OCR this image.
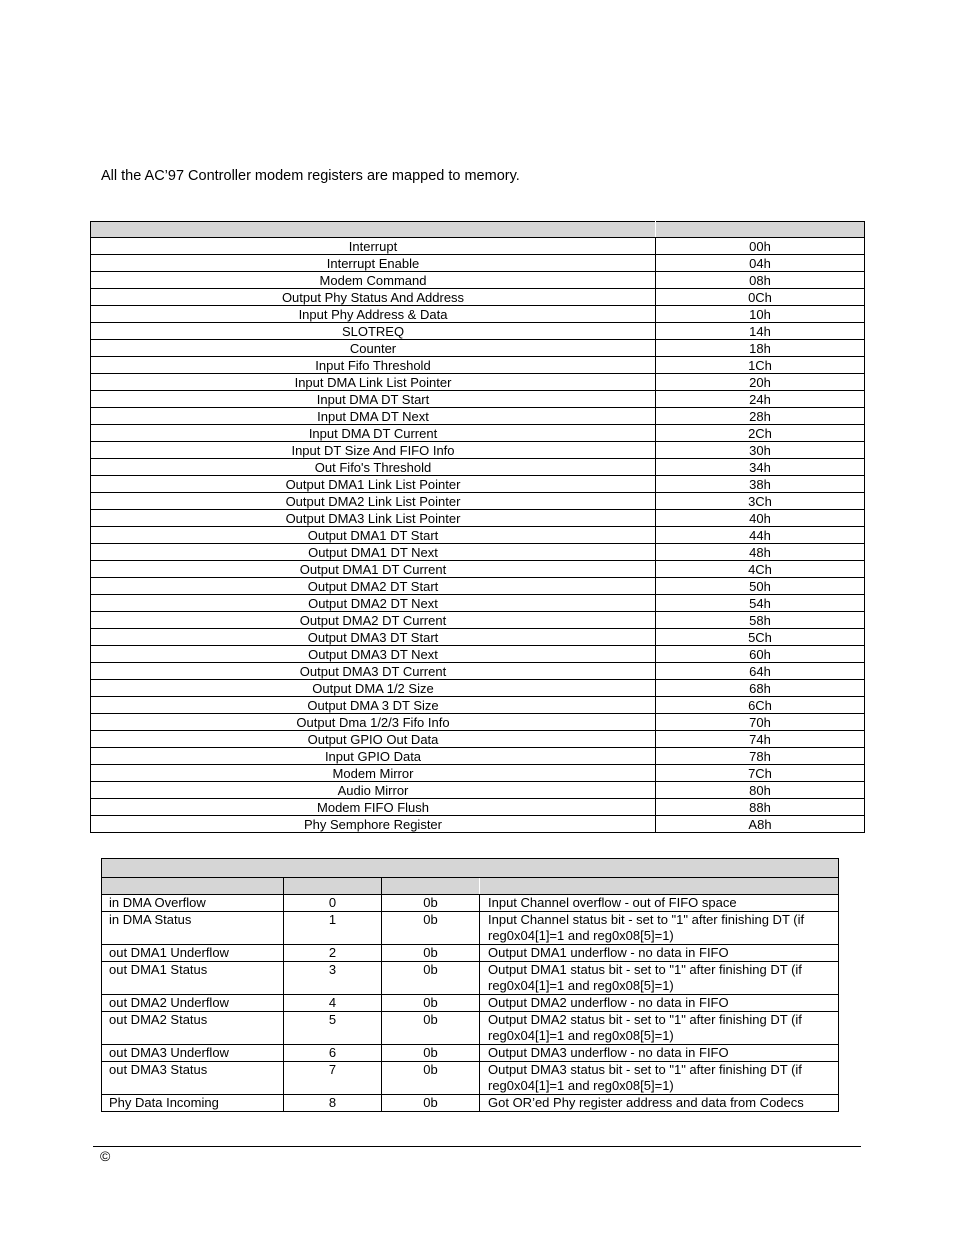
All the AC’97 Controller modem registers are mapped to memory.

Interrupt	00h
Interrupt Enable	04h
Modem Command	08h
Output Phy Status And Address	0Ch
Input Phy Address & Data	10h
SLOTREQ	14h
Counter	18h
Input Fifo Threshold	1Ch
Input DMA Link List Pointer	20h
Input DMA DT Start	24h
Input DMA DT Next	28h
Input DMA DT Current	2Ch
Input DT Size And FIFO Info	30h
Out Fifo's Threshold	34h
Output DMA1 Link List Pointer	38h
Output DMA2 Link List Pointer	3Ch
Output DMA3 Link List Pointer	40h
Output DMA1 DT Start	44h
Output DMA1 DT Next	48h
Output DMA1 DT Current	4Ch
Output DMA2 DT Start	50h
Output DMA2 DT Next	54h
Output DMA2 DT Current	58h
Output DMA3 DT Start	5Ch
Output DMA3 DT Next	60h
Output DMA3 DT Current	64h
Output DMA 1/2 Size	68h
Output DMA 3 DT Size	6Ch
Output Dma 1/2/3 Fifo Info	70h
Output GPIO Out Data	74h
Input GPIO Data	78h
Modem Mirror	7Ch
Audio Mirror	80h
Modem FIFO Flush	88h
Phy Semphore Register	A8h

in DMA Overflow	0	0b	Input Channel overflow - out of FIFO space
in DMA Status	1	0b	Input Channel status bit - set to "1" after finishing DT (if reg0x04[1]=1 and reg0x08[5]=1)
out DMA1 Underflow	2	0b	Output DMA1 underflow - no data in FIFO
out DMA1 Status	3	0b	Output DMA1 status bit - set to "1" after finishing DT (if reg0x04[1]=1 and reg0x08[5]=1)
out DMA2 Underflow	4	0b	Output DMA2 underflow - no data in FIFO
out DMA2 Status	5	0b	Output DMA2 status bit - set to "1" after finishing DT (if reg0x04[1]=1 and reg0x08[5]=1)
out DMA3 Underflow	6	0b	Output DMA3 underflow - no data in FIFO
out DMA3 Status	7	0b	Output DMA3 status bit - set to "1" after finishing DT (if reg0x04[1]=1 and reg0x08[5]=1)
Phy Data Incoming	8	0b	Got OR’ed Phy register address and data from Codecs
©
